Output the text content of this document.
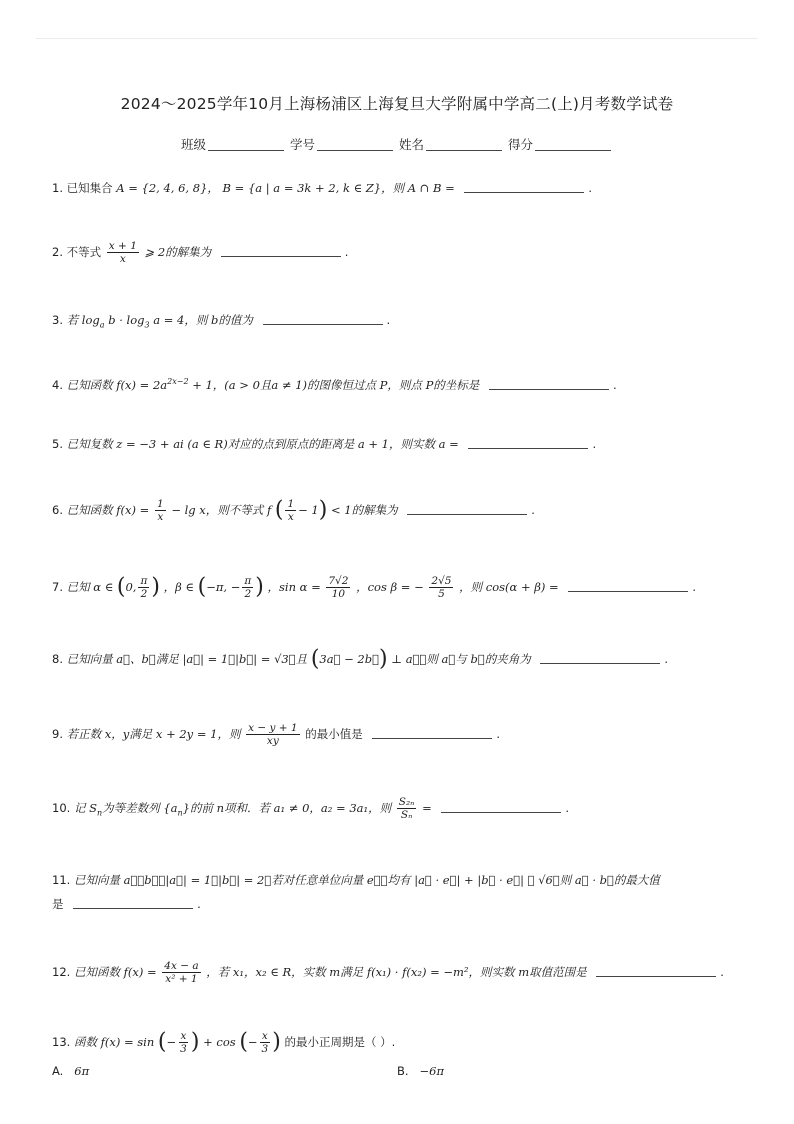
2024～2025学年10月上海杨浦区上海复旦大学附属中学高二(上)月考数学试卷
班级	学号	姓名	得分
1. 已知集合 A = {2, 4, 6, 8}， B = {a | a = 3k + 2, k ∈ Z}，则 A ∩ B =	.
2. 不等式 $\frac{x + 1}{x}$ ⩾ 2的解集为	.
3. 若 $\log_a b \cdot \log_3 a = 4$，则 b的值为	.
4. 已知函数 $f(x) = 2a^{2x-2} + 1$，(a > 0且a ≠ 1)的图像恒过点 P，则点 P的坐标是	.
5. 已知复数 z = −3 + ai (a ∈ R)对应的点到原点的距离是 a + 1，则实数 a =	.
6. 已知函数 $f(x) = \frac{1}{x} - \lg x$，则不等式 f ( $\frac{1}{x} - 1) < 1$的解集为	.
7. 已知 α ∈ (0, $\frac{\pi}{2}$ ) ，β ∈ (−π, − $\frac{\pi}{2}$ ) ，$\sin \alpha = \frac{7√2}{10}$ ，cos β = − $\frac{2√5}{5}$ ，则 cos(α + β) =	.
8. 已知向量 a⃗、b⃗满足 |a⃗| = 1，|b⃗| = √3，且 (3a⃗ − 2b⃗) ⊥ a⃗，则 a⃗与 b⃗的夹角为	.
9. 若正数 x，y满足 x + 2y = 1，则 $\frac{x - y + 1}{xy}$ 的最小值是	.
10. 记 $S_n$为等差数列 $\{a_n\}$的前 n项和．若 a₁ ≠ 0，a₂ = 3a₁，则 $\frac{\text{S₂ₙ}}{\text{Sₙ}}$ =	.
11. 已知向量 a⃗，b⃗，|a⃗| = 1，|b⃗| = 2，若对任意单位向量 e⃗，均有 |a⃗ · e⃗| + |b⃗ · e⃗| ⩽ √6，则 a⃗ · b⃗的最大值
是	.
12. 已知函数 $f(x) = \frac{4x - a}{\text{x² + 1}}$ ，若 x₁，x₂ ∈ R，实数 m满足 f(x₁) · f(x₂) = −m²，则实数 m取值范围是	.
13. 函数 f(x) = sin (− $\frac{x}{3}$ ) + cos (− $\frac{x}{3}$ ) 的最小正周期是（ ）.
A. 6π	B. −6π
